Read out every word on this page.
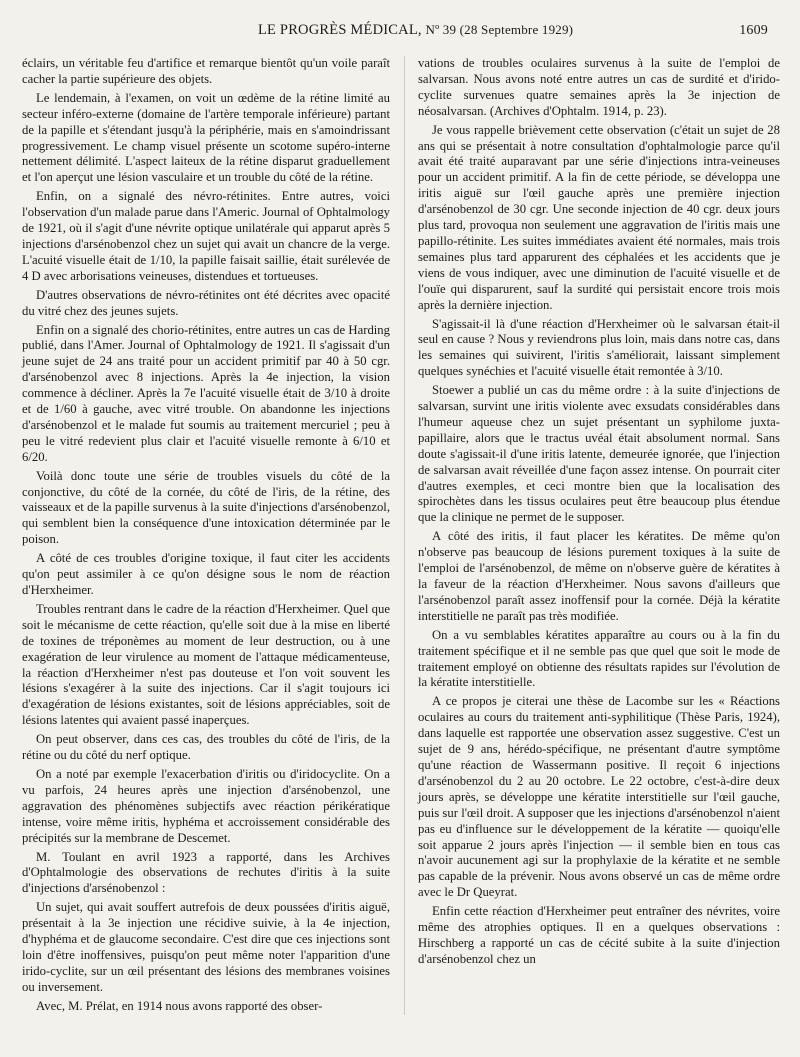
LE PROGRÈS MÉDICAL, Nº 39 (28 Septembre 1929)	1609

éclairs, un véritable feu d'artifice et remarque bientôt qu'un voile paraît cacher la partie supérieure des objets.

Le lendemain, à l'examen, on voit un œdème de la rétine limité au secteur inféro-externe (domaine de l'artère temporale inférieure) partant de la papille et s'étendant jusqu'à la périphérie, mais en s'amoindrissant progressivement. Le champ visuel présente un scotome supéro-interne nettement délimité. L'aspect laiteux de la rétine disparut graduellement et l'on aperçut une lésion vasculaire et un trouble du côté de la rétine.

Enfin, on a signalé des névro-rétinites. Entre autres, voici l'observation d'un malade parue dans l'Americ. Journal of Ophtalmology de 1921, où il s'agit d'une névrite optique unilatérale qui apparut après 5 injections d'arsénobenzol chez un sujet qui avait un chancre de la verge. L'acuité visuelle était de 1/10, la papille faisait saillie, était surélevée de 4 D avec arborisations veineuses, distendues et tortueuses.

D'autres observations de névro-rétinites ont été décrites avec opacité du vitré chez des jeunes sujets.

Enfin on a signalé des chorio-rétinites, entre autres un cas de Harding publié, dans l'Amer. Journal of Ophtalmology de 1921. Il s'agissait d'un jeune sujet de 24 ans traité pour un accident primitif par 40 à 50 cgr. d'arsénobenzol avec 8 injections. Après la 4e injection, la vision commence à décliner. Après la 7e l'acuité visuelle était de 3/10 à droite et de 1/60 à gauche, avec vitré trouble. On abandonne les injections d'arsénobenzol et le malade fut soumis au traitement mercuriel ; peu à peu le vitré redevient plus clair et l'acuité visuelle remonte à 6/10 et 6/20.

Voilà donc toute une série de troubles visuels du côté de la conjonctive, du côté de la cornée, du côté de l'iris, de la rétine, des vaisseaux et de la papille survenus à la suite d'injections d'arsénobenzol, qui semblent bien la conséquence d'une intoxication déterminée par le poison.

A côté de ces troubles d'origine toxique, il faut citer les accidents qu'on peut assimiler à ce qu'on désigne sous le nom de réaction d'Herxheimer.

Troubles rentrant dans le cadre de la réaction d'Herxheimer. Quel que soit le mécanisme de cette réaction, qu'elle soit due à la mise en liberté de toxines de tréponèmes au moment de leur destruction, ou à une exagération de leur virulence au moment de l'attaque médicamenteuse, la réaction d'Herxheimer n'est pas douteuse et l'on voit souvent les lésions s'exagérer à la suite des injections. Car il s'agit toujours ici d'exagération de lésions existantes, soit de lésions appréciables, soit de lésions latentes qui avaient passé inaperçues.

On peut observer, dans ces cas, des troubles du côté de l'iris, de la rétine ou du côté du nerf optique.

On a noté par exemple l'exacerbation d'iritis ou d'iridocyclite. On a vu parfois, 24 heures après une injection d'arsénobenzol, une aggravation des phénomènes subjectifs avec réaction périkératique intense, voire même iritis, hyphéma et accroissement considérable des précipités sur la membrane de Descemet.

M. Toulant en avril 1923 a rapporté, dans les Archives d'Ophtalmologie des observations de rechutes d'iritis à la suite d'injections d'arsénobenzol :

Un sujet, qui avait souffert autrefois de deux poussées d'iritis aiguë, présentait à la 3e injection une récidive suivie, à la 4e injection, d'hyphéma et de glaucome secondaire. C'est dire que ces injections sont loin d'être inoffensives, puisqu'on peut même noter l'apparition d'une irido-cyclite, sur un œil présentant des lésions des membranes voisines ou inversement.

Avec, M. Prélat, en 1914 nous avons rapporté des obser-

vations de troubles oculaires survenus à la suite de l'emploi de salvarsan. Nous avons noté entre autres un cas de surdité et d'irido-cyclite survenues quatre semaines après la 3e injection de néosalvarsan. (Archives d'Ophtalm. 1914, p. 23).

Je vous rappelle brièvement cette observation (c'était un sujet de 28 ans qui se présentait à notre consultation d'ophtalmologie parce qu'il avait été traité auparavant par une série d'injections intra-veineuses pour un accident primitif. A la fin de cette période, se développa une iritis aiguë sur l'œil gauche après une première injection d'arsénobenzol de 30 cgr. Une seconde injection de 40 cgr. deux jours plus tard, provoqua non seulement une aggravation de l'iritis mais une papillo-rétinite. Les suites immédiates avaient été normales, mais trois semaines plus tard apparurent des céphalées et les accidents que je viens de vous indiquer, avec une diminution de l'acuité visuelle et de l'ouïe qui disparurent, sauf la surdité qui persistait encore trois mois après la dernière injection.

S'agissait-il là d'une réaction d'Herxheimer où le salvarsan était-il seul en cause ? Nous y reviendrons plus loin, mais dans notre cas, dans les semaines qui suivirent, l'iritis s'améliorait, laissant simplement quelques synéchies et l'acuité visuelle était remontée à 3/10.

Stoewer a publié un cas du même ordre : à la suite d'injections de salvarsan, survint une iritis violente avec exsudats considérables dans l'humeur aqueuse chez un sujet présentant un syphilome juxta-papillaire, alors que le tractus uvéal était absolument normal. Sans doute s'agissait-il d'une iritis latente, demeurée ignorée, que l'injection de salvarsan avait réveillée d'une façon assez intense. On pourrait citer d'autres exemples, et ceci montre bien que la localisation des spirochètes dans les tissus oculaires peut être beaucoup plus étendue que la clinique ne permet de le supposer.

A côté des iritis, il faut placer les kératites. De même qu'on n'observe pas beaucoup de lésions purement toxiques à la suite de l'emploi de l'arsénobenzol, de même on n'observe guère de kératites à la faveur de la réaction d'Herxheimer. Nous savons d'ailleurs que l'arsénobenzol paraît assez inoffensif pour la cornée. Déjà la kératite interstitielle ne paraît pas très modifiée.

On a vu semblables kératites apparaître au cours ou à la fin du traitement spécifique et il ne semble pas que quel que soit le mode de traitement employé on obtienne des résultats rapides sur l'évolution de la kératite interstitielle.

A ce propos je citerai une thèse de Lacombe sur les « Réactions oculaires au cours du traitement anti-syphilitique (Thèse Paris, 1924), dans laquelle est rapportée une observation assez suggestive. C'est un sujet de 9 ans, hérédo-spécifique, ne présentant d'autre symptôme qu'une réaction de Wassermann positive. Il reçoit 6 injections d'arsénobenzol du 2 au 20 octobre. Le 22 octobre, c'est-à-dire deux jours après, se développe une kératite interstitielle sur l'œil gauche, puis sur l'œil droit. A supposer que les injections d'arsénobenzol n'aient pas eu d'influence sur le développement de la kératite — quoiqu'elle soit apparue 2 jours après l'injection — il semble bien en tous cas n'avoir aucunement agi sur la prophylaxie de la kératite et ne semble pas capable de la prévenir. Nous avons observé un cas de même ordre avec le Dr Queyrat.

Enfin cette réaction d'Herxheimer peut entraîner des névrites, voire même des atrophies optiques. Il en a quelques observations : Hirschberg a rapporté un cas de cécité subite à la suite d'injection d'arsénobenzol chez un
